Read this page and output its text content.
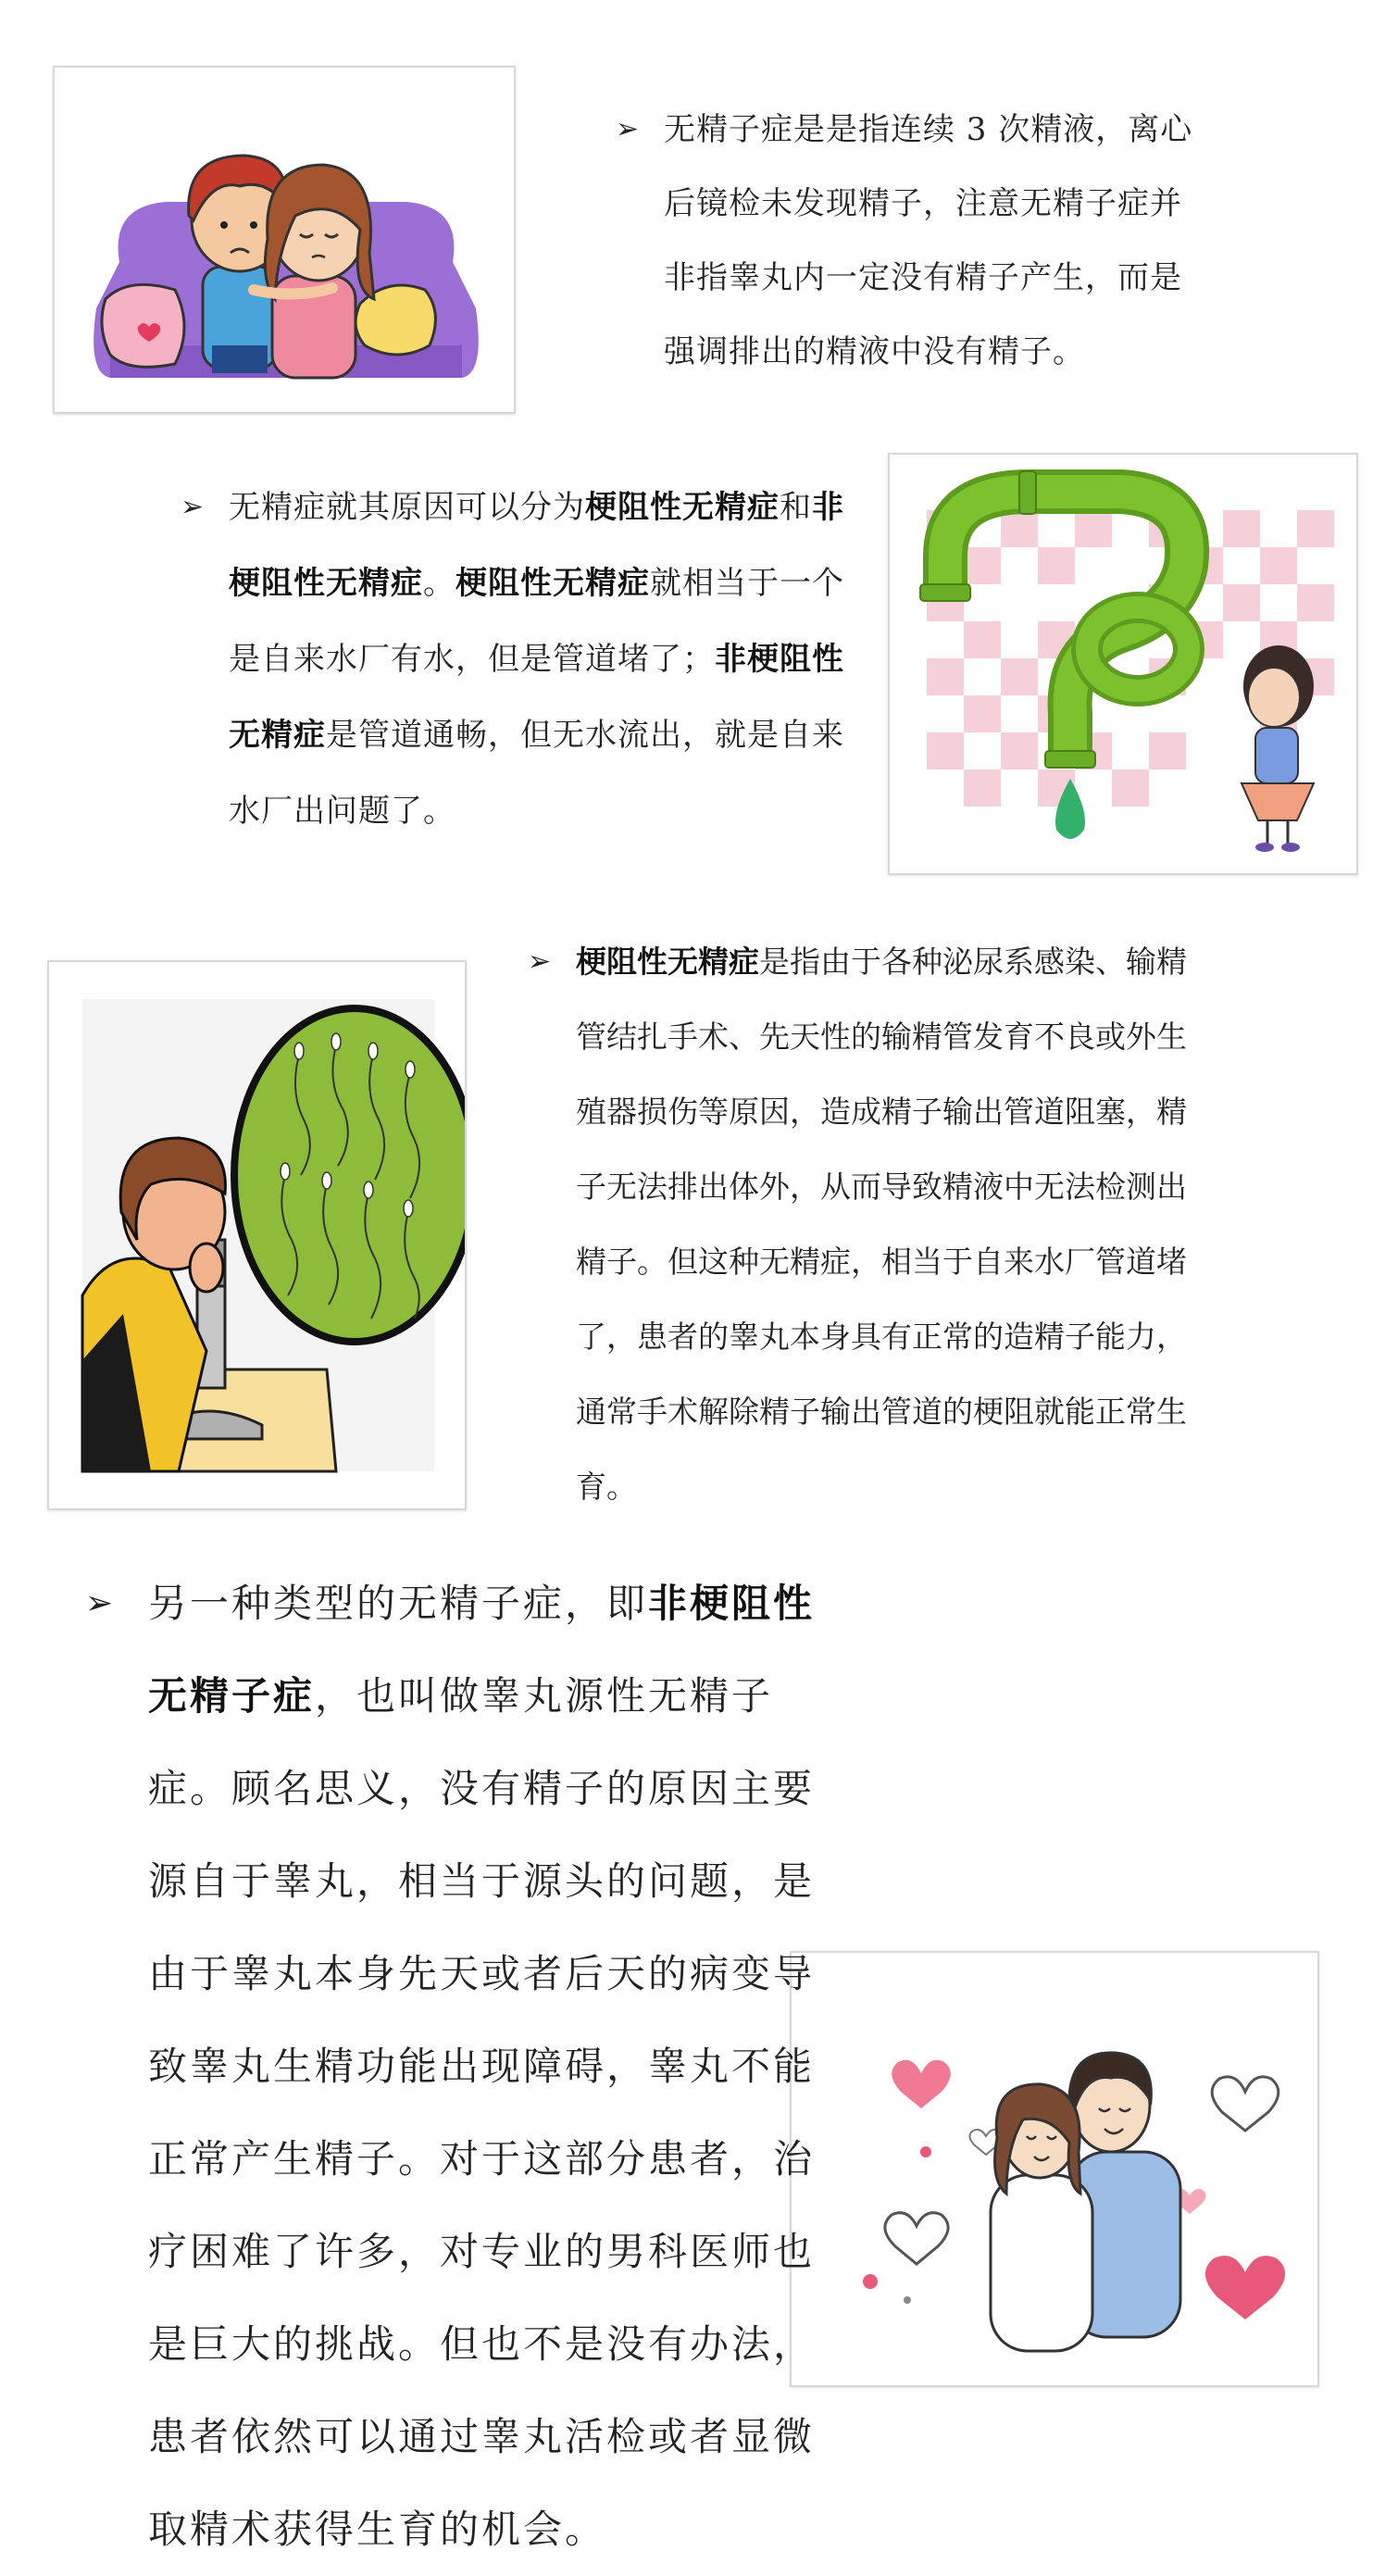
➢ 无精子症是是指连续 3 次精液，离心后镜检未发现精子，注意无精子症并非指睾丸内一定没有精子产生，而是强调排出的精液中没有精子。
➢ 无精症就其原因可以分为梗阻性无精症和非梗阻性无精症。梗阻性无精症就相当于一个是自来水厂有水，但是管道堵了；非梗阻性无精症是管道通畅，但无水流出，就是自来水厂出问题了。
➢ 梗阻性无精症是指由于各种泌尿系感染、输精管结扎手术、先天性的输精管发育不良或外生殖器损伤等原因，造成精子输出管道阻塞，精子无法排出体外，从而导致精液中无法检测出精子。但这种无精症，相当于自来水厂管道堵了，患者的睾丸本身具有正常的造精子能力，通常手术解除精子输出管道的梗阻就能正常生育。
➢ 另一种类型的无精子症，即非梗阻性无精子症，也叫做睾丸源性无精子症。顾名思义，没有精子的原因主要源自于睾丸，相当于源头的问题，是由于睾丸本身先天或者后天的病变导致睾丸生精功能出现障碍，睾丸不能正常产生精子。对于这部分患者，治疗困难了许多，对专业的男科医师也是巨大的挑战。但也不是没有办法，患者依然可以通过睾丸活检或者显微取精术获得生育的机会。
